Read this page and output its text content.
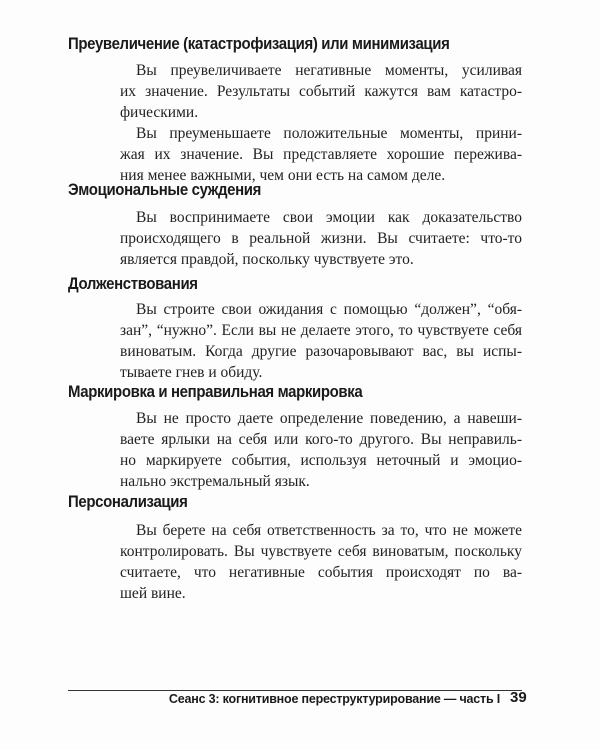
Преувеличение (катастрофизация) или минимизация

Вы преувеличиваете негативные моменты, усиливая
их значение. Результаты событий кажутся вам катастро-
фическими.

Вы преуменьшаете положительные моменты, прини-
жая их значение. Вы представляете хорошие пережива-
ния менее важными, чем они есть на самом деле.

Эмоциональные суждения

Вы воспринимаете свои эмоции как доказательство
происходящего в реальной жизни. Вы считаете: что-то
является правдой, поскольку чувствуете это.

Долженствования

Вы строите свои ожидания с помощью “должен”, “обя-
зан”, “нужно”. Если вы не делаете этого, то чувствуете себя
виноватым. Когда другие разочаровывают вас, вы испы-
тываете гнев и обиду.

Маркировка и неправильная маркировка

Вы не просто даете определение поведению, а навеши-
ваете ярлыки на себя или кого-то другого. Вы неправиль-
но маркируете события, используя неточный и эмоцио-
нально экстремальный язык.

Персонализация

Вы берете на себя ответственность за то, что не можете
контролировать. Вы чувствуете себя виноватым, поскольку
считаете, что негативные события происходят по ва-
шей вине.

Сеанс 3: когнитивное переструктурирование — часть I 39
